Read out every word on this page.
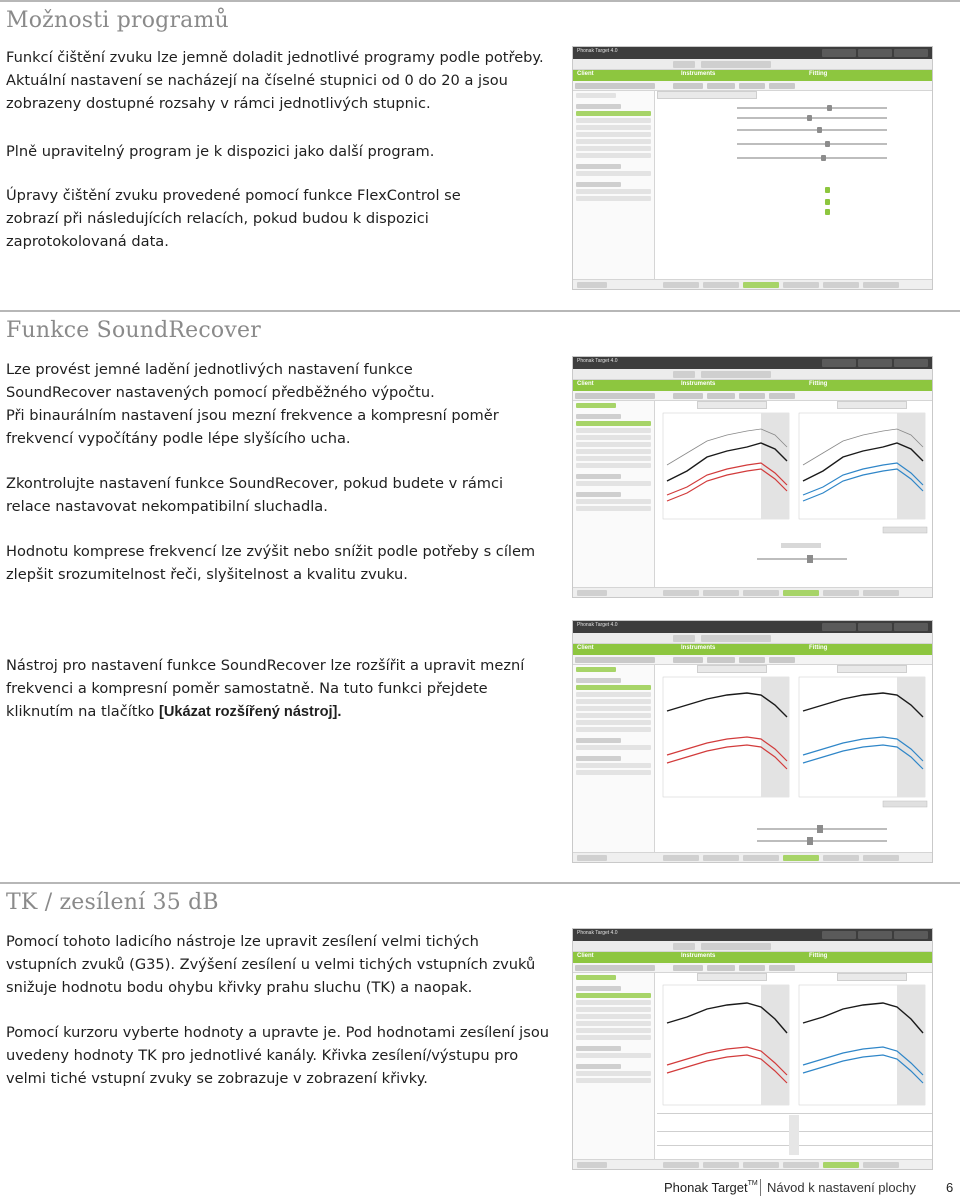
Možnosti programů
Funkcí čištění zvuku lze jemně doladit jednotlivé programy podle potřeby. Aktuální nastavení se nacházejí na číselné stupnici od 0 do 20 a jsou zobrazeny dostupné rozsahy v rámci jednotlivých stupnic.
Plně upravitelný program je k dispozici jako další program.
Úpravy čištění zvuku provedené pomocí funkce FlexControl se zobrazí při následujících relacích, pokud budou k dispozici zaprotokolovaná data.
Phonak Target 4.0
Client	Instruments	Fitting
Funkce SoundRecover
Lze provést jemné ladění jednotlivých nastavení funkce SoundRecover nastavených pomocí předběžného výpočtu.
Při binaurálním nastavení jsou mezní frekvence a kompresní poměr frekvencí vypočítány podle lépe slyšícího ucha.
Zkontrolujte nastavení funkce SoundRecover, pokud budete v rámci relace nastavovat nekompatibilní sluchadla.
Hodnotu komprese frekvencí lze zvýšit nebo snížit podle potřeby s cílem zlepšit srozumitelnost řeči, slyšitelnost a kvalitu zvuku.
Nástroj pro nastavení funkce SoundRecover lze rozšířit a upravit mezní frekvenci a kompresní poměr samostatně. Na tuto funkci přejdete kliknutím na tlačítko [Ukázat rozšířený nástroj].
Phonak Target 4.0
Client	Instruments	Fitting
Phonak Target 4.0
Client	Instruments	Fitting
TK / zesílení 35 dB
Pomocí tohoto ladicího nástroje lze upravit zesílení velmi tichých vstupních zvuků (G35). Zvýšení zesílení u velmi tichých vstupních zvuků snižuje hodnotu bodu ohybu křivky prahu sluchu (TK) a naopak.
Pomocí kurzoru vyberte hodnoty a upravte je. Pod hodnotami zesílení jsou uvedeny hodnoty TK pro jednotlivé kanály. Křivka zesílení/výstupu pro velmi tiché vstupní zvuky se zobrazuje v zobrazení křivky.
Phonak Target 4.0
Client	Instruments	Fitting
Phonak Target™ Návod k nastavení plochy 6
